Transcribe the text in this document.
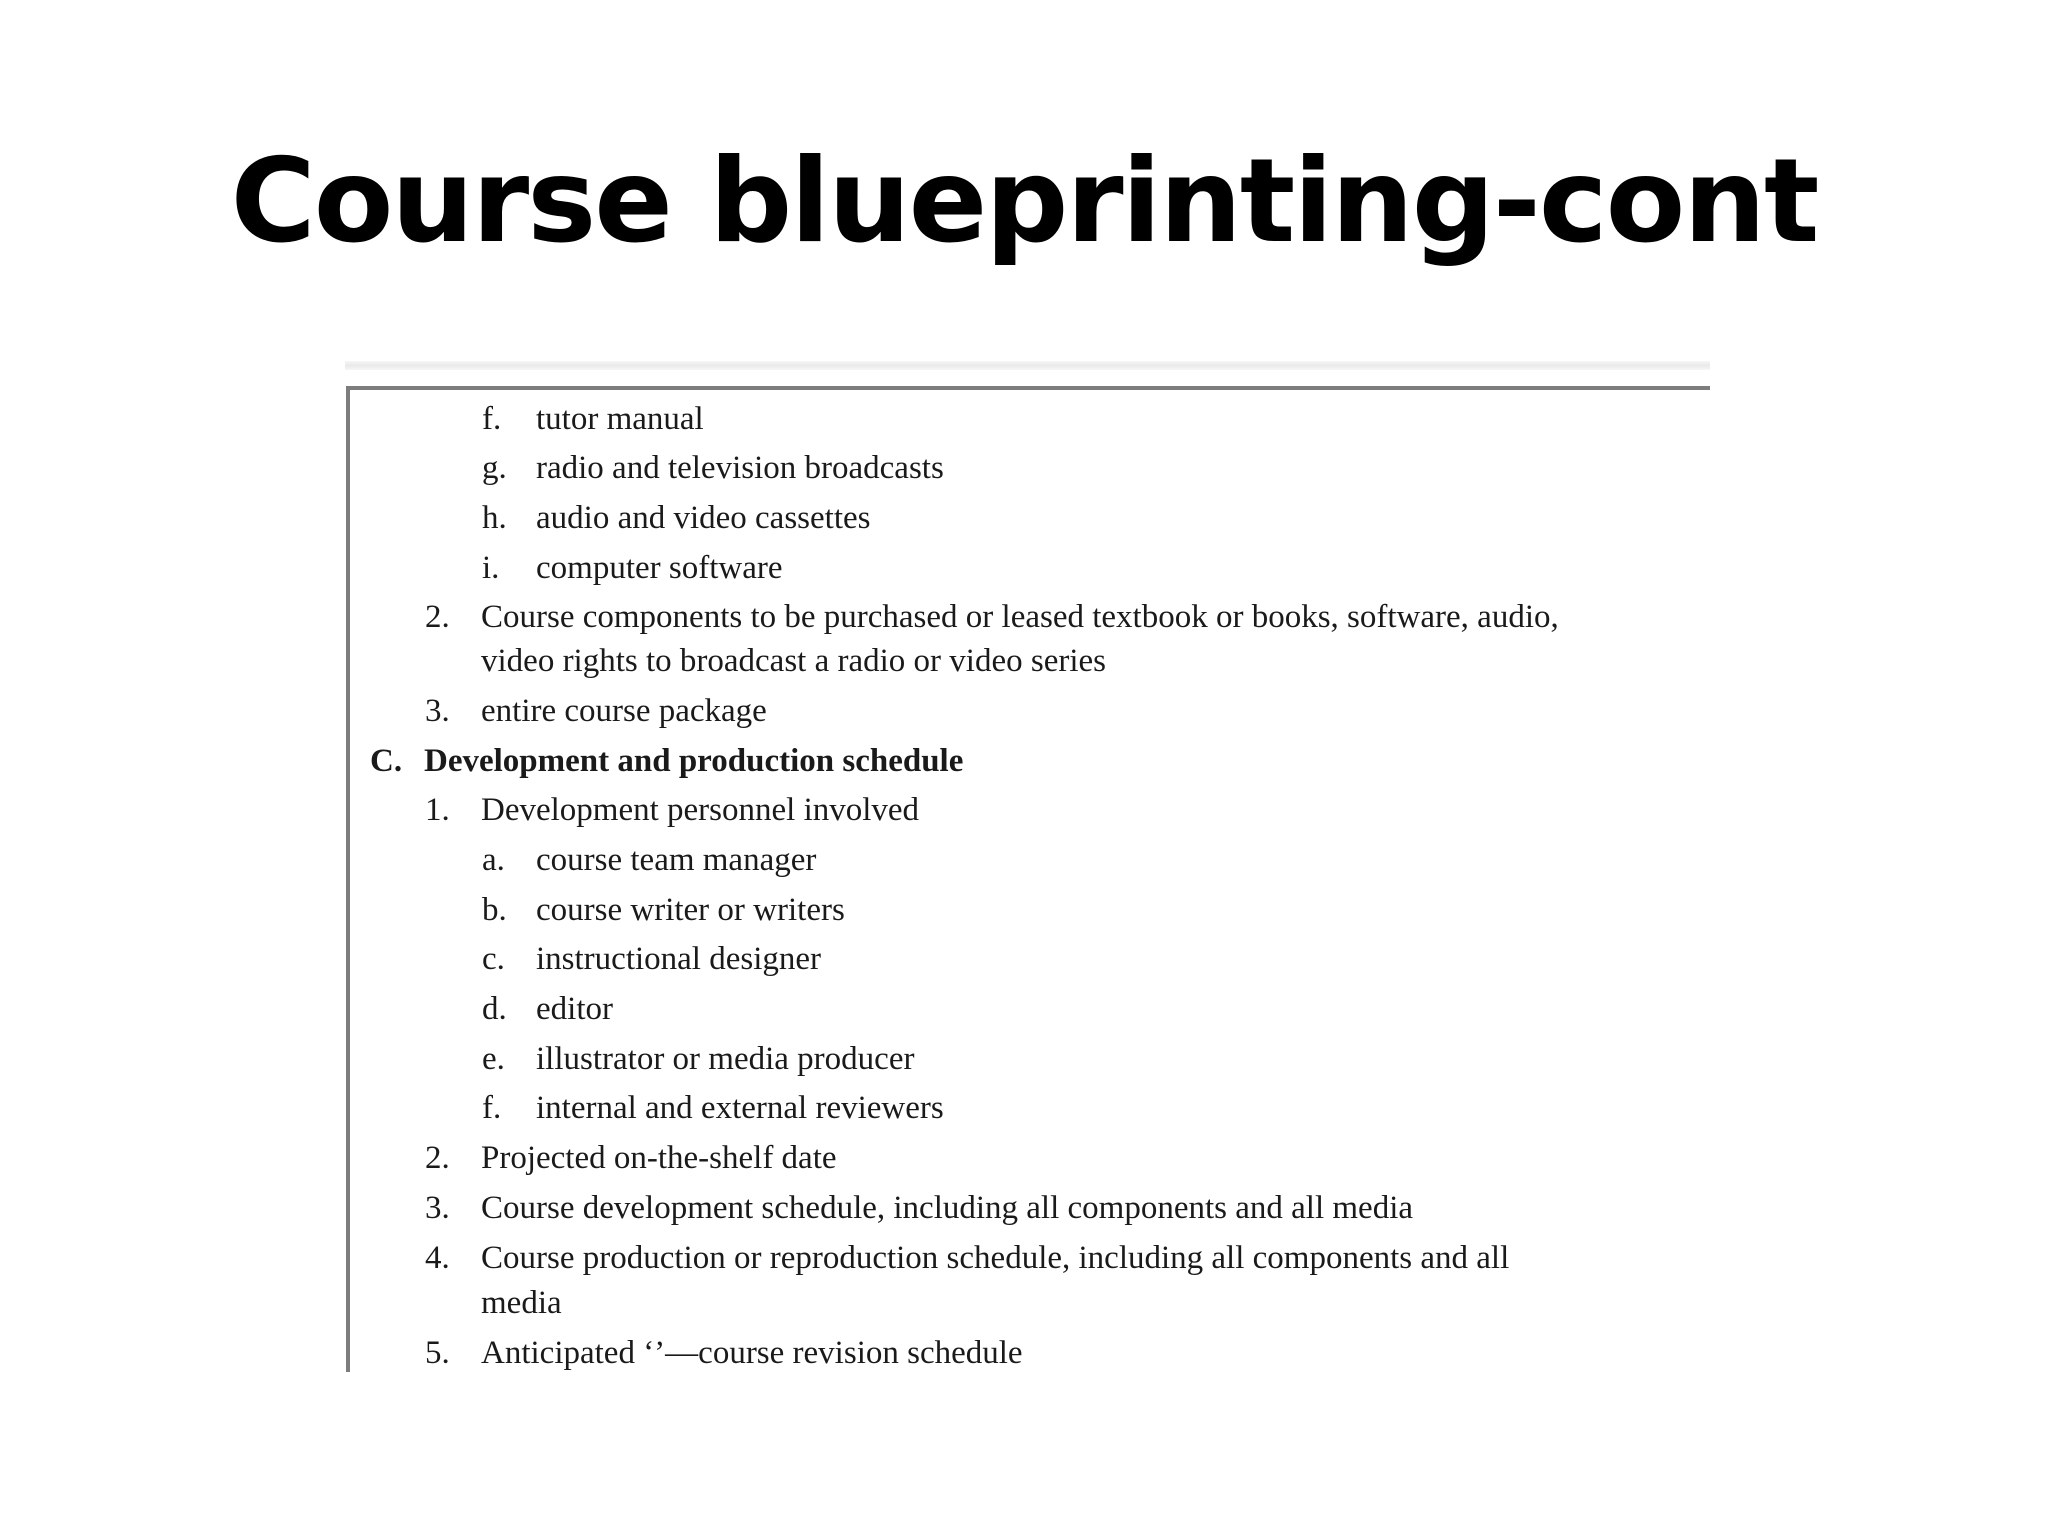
Course blueprinting-cont
f. tutor manual
g. radio and television broadcasts
h. audio and video cassettes
i. computer software
2. Course components to be purchased or leased textbook or books, software, audio,
video rights to broadcast a radio or video series
3. entire course package
C. Development and production schedule
1. Development personnel involved
a. course team manager
b. course writer or writers
c. instructional designer
d. editor
e. illustrator or media producer
f. internal and external reviewers
2. Projected on-the-shelf date
3. Course development schedule, including all components and all media
4. Course production or reproduction schedule, including all components and all
media
5. Anticipated ‘’—course revision schedule
